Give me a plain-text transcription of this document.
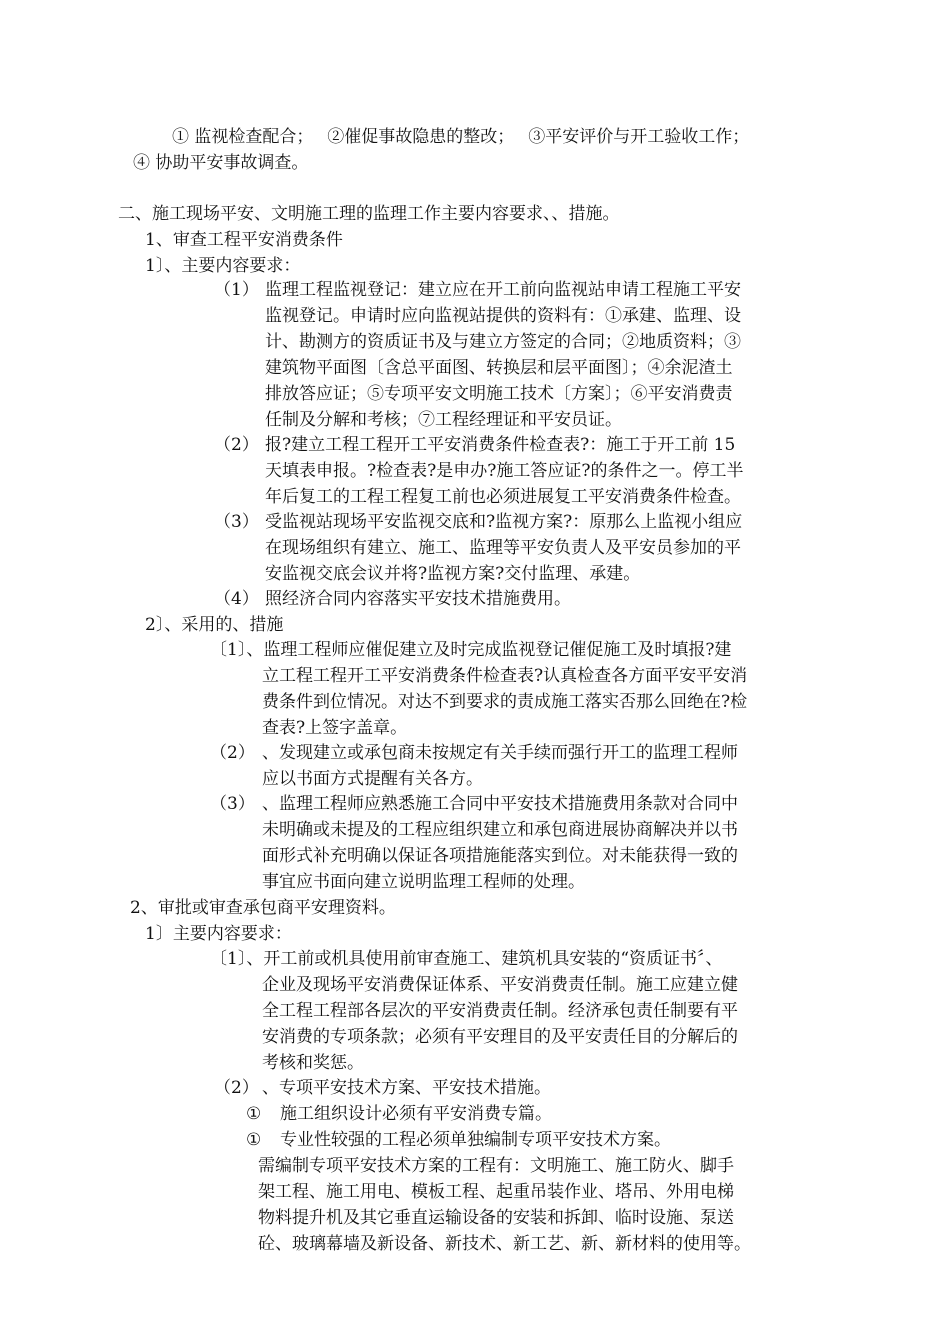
① 监视检查配合；　 ②催促事故隐患的整改；　 ③平安评价与开工验收工作；
④ 协助平安事故调查。
二、施工现场平安、文明施工理的监理工作主要内容要求、、措施。
1、审查工程平安消费条件
1〕、主要内容要求：
（1） 监理工程监视登记：建立应在开工前向监视站申请工程施工平安
监视登记。申请时应向监视站提供的资料有：①承建、监理、设
计、勘测方的资质证书及与建立方签定的合同；②地质资料；③
建筑物平面图〔含总平面图、转换层和层平面图〕；④余泥渣土
排放答应证；⑤专项平安文明施工技术〔方案〕；⑥平安消费责
任制及分解和考核；⑦工程经理证和平安员证。
（2） 报?建立工程工程开工平安消费条件检查表?：施工于开工前 15
天填表申报。?检查表?是申办?施工答应证?的条件之一。停工半
年后复工的工程工程复工前也必须进展复工平安消费条件检查。
（3） 受监视站现场平安监视交底和?监视方案?：原那么上监视小组应
在现场组织有建立、施工、监理等平安负责人及平安员参加的平
安监视交底会议并将?监视方案?交付监理、承建。
（4） 照经济合同内容落实平安技术措施费用。
2〕、采用的、措施
〔1〕、监理工程师应催促建立及时完成监视登记催促施工及时填报?建
立工程工程开工平安消费条件检查表?认真检查各方面平安平安消
费条件到位情况。对达不到要求的责成施工落实否那么回绝在?检
查表?上签字盖章。
（2） 、发现建立或承包商未按规定有关手续而强行开工的监理工程师
应以书面方式提醒有关各方。
（3） 、监理工程师应熟悉施工合同中平安技术措施费用条款对合同中
未明确或未提及的工程应组织建立和承包商进展协商解决并以书
面形式补充明确以保证各项措施能落实到位。对未能获得一致的
事宜应书面向建立说明监理工程师的处理。
2、审批或审查承包商平安理资料。
1〕主要内容要求：
〔1〕、开工前或机具使用前审查施工、建筑机具安装的“资质证书〞、
企业及现场平安消费保证体系、平安消费责任制。施工应建立健
全工程工程部各层次的平安消费责任制。经济承包责任制要有平
安消费的专项条款；必须有平安理目的及平安责任目的分解后的
考核和奖惩。
（2） 、专项平安技术方案、平安技术措施。
① 施工组织设计必须有平安消费专篇。
① 专业性较强的工程必须单独编制专项平安技术方案。
需编制专项平安技术方案的工程有：文明施工、施工防火、脚手
架工程、施工用电、模板工程、起重吊装作业、塔吊、外用电梯
物料提升机及其它垂直运输设备的安装和拆卸、临时设施、泵送
砼、玻璃幕墙及新设备、新技术、新工艺、新、新材料的使用等。
